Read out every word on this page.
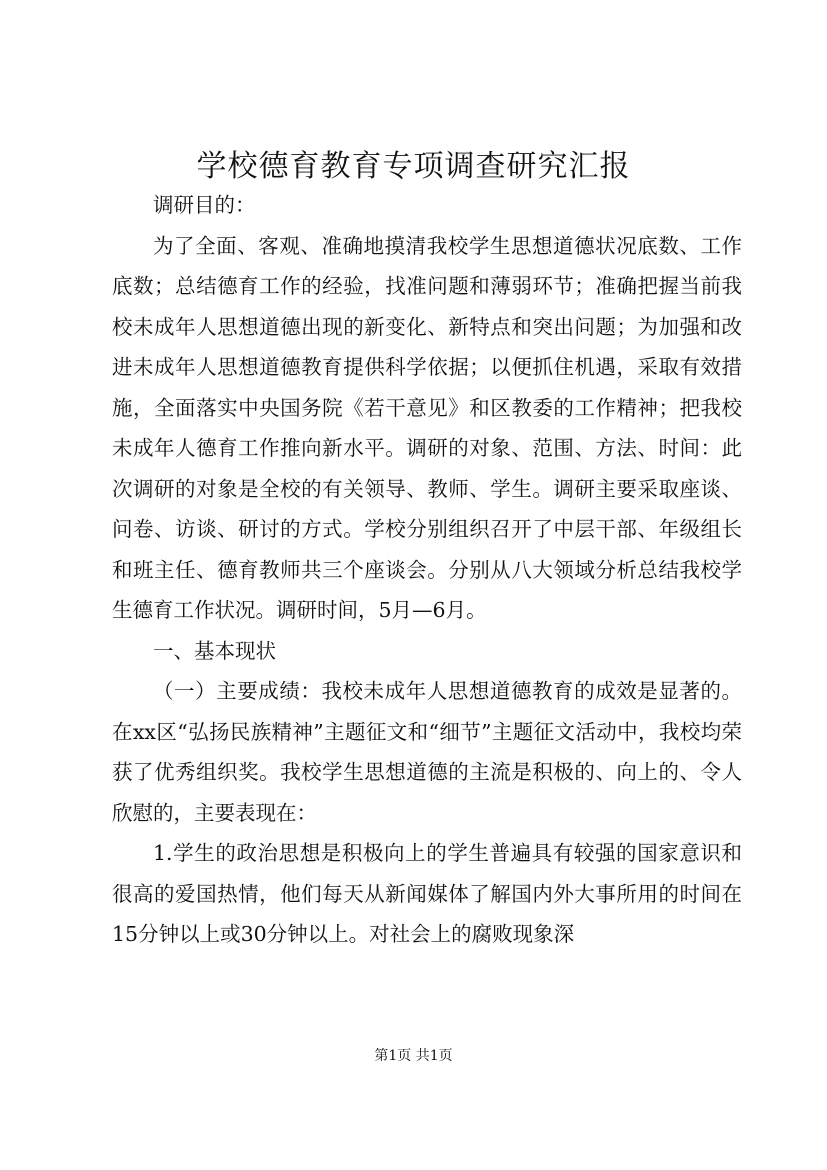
学校德育教育专项调查研究汇报

调研目的：

为了全面、客观、准确地摸清我校学生思想道德状况底数、工作底数；总结德育工作的经验，找准问题和薄弱环节；准确把握当前我校未成年人思想道德出现的新变化、新特点和突出问题；为加强和改进未成年人思想道德教育提供科学依据；以便抓住机遇，采取有效措施，全面落实中央国务院《若干意见》和区教委的工作精神；把我校未成年人德育工作推向新水平。调研的对象、范围、方法、时间：此次调研的对象是全校的有关领导、教师、学生。调研主要采取座谈、问卷、访谈、研讨的方式。学校分别组织召开了中层干部、年级组长和班主任、德育教师共三个座谈会。分别从八大领域分析总结我校学生德育工作状况。调研时间，5月—6月。

一、基本现状

（一）主要成绩：我校未成年人思想道德教育的成效是显著的。在xx区“弘扬民族精神”主题征文和“细节”主题征文活动中，我校均荣获了优秀组织奖。我校学生思想道德的主流是积极的、向上的、令人欣慰的，主要表现在：

1.学生的政治思想是积极向上的学生普遍具有较强的国家意识和很高的爱国热情，他们每天从新闻媒体了解国内外大事所用的时间在15分钟以上或30分钟以上。对社会上的腐败现象深

第1页 共1页
